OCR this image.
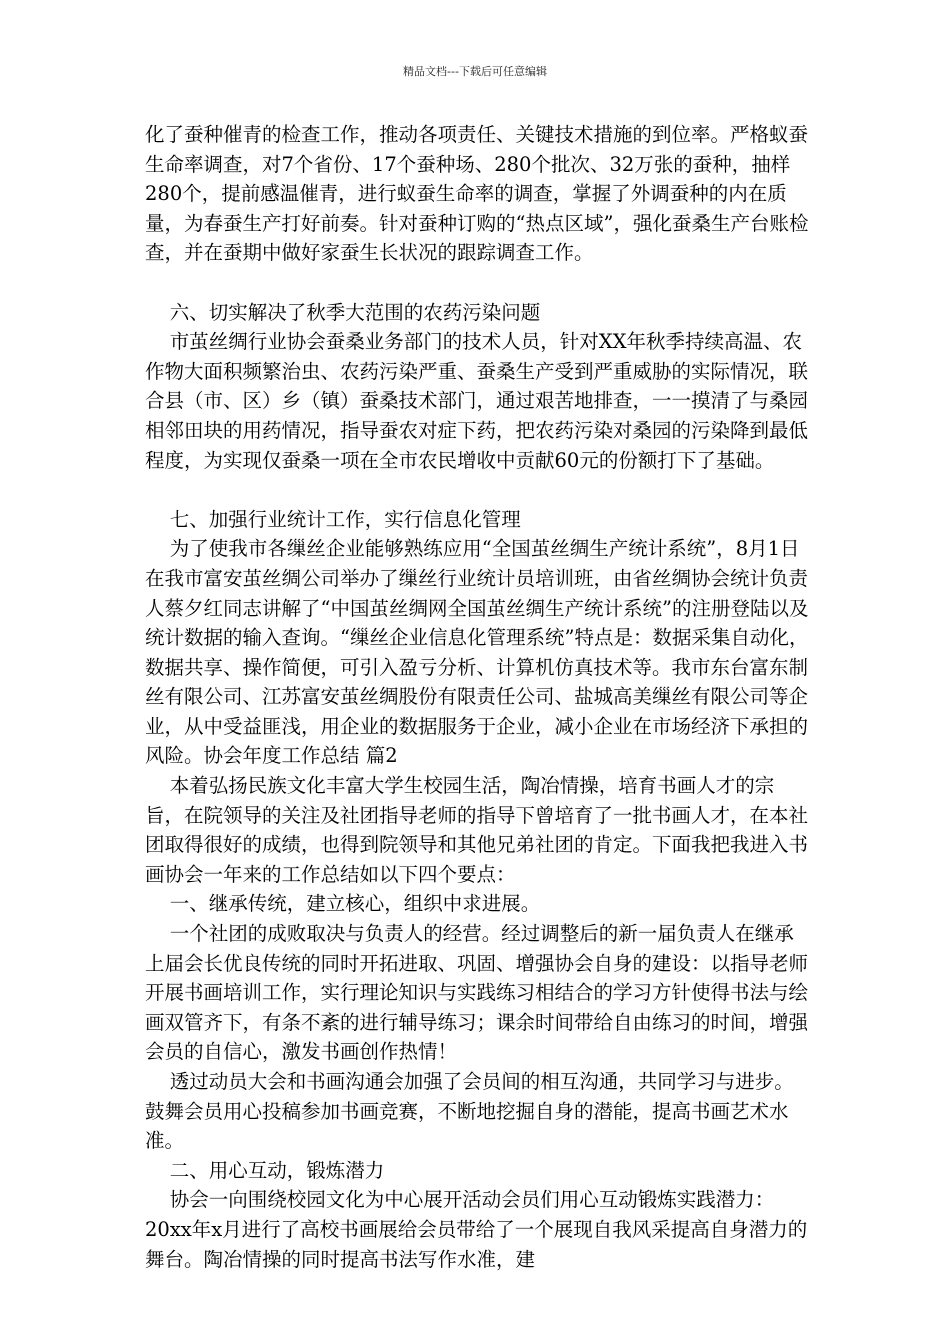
精品文档---下载后可任意编辑

化了蚕种催青的检查工作，推动各项责任、关键技术措施的到位率。严格蚁蚕生命率调查，对7个省份、17个蚕种场、280个批次、32万张的蚕种，抽样280个，提前感温催青，进行蚁蚕生命率的调查，掌握了外调蚕种的内在质量，为春蚕生产打好前奏。针对蚕种订购的“热点区域”，强化蚕桑生产台账检查，并在蚕期中做好家蚕生长状况的跟踪调查工作。

六、切实解决了秋季大范围的农药污染问题

市茧丝绸行业协会蚕桑业务部门的技术人员，针对XX年秋季持续高温、农作物大面积频繁治虫、农药污染严重、蚕桑生产受到严重威胁的实际情况，联合县（市、区）乡（镇）蚕桑技术部门，通过艰苦地排查，一一摸清了与桑园相邻田块的用药情况，指导蚕农对症下药，把农药污染对桑园的污染降到最低程度，为实现仅蚕桑一项在全市农民增收中贡献60元的份额打下了基础。

七、加强行业统计工作，实行信息化管理

为了使我市各缫丝企业能够熟练应用“全国茧丝绸生产统计系统”，8月1日在我市富安茧丝绸公司举办了缫丝行业统计员培训班，由省丝绸协会统计负责人蔡夕红同志讲解了“中国茧丝绸网全国茧丝绸生产统计系统”的注册登陆以及统计数据的输入查询。“缫丝企业信息化管理系统”特点是：数据采集自动化，数据共享、操作简便，可引入盈亏分析、计算机仿真技术等。我市东台富东制丝有限公司、江苏富安茧丝绸股份有限责任公司、盐城高美缫丝有限公司等企业，从中受益匪浅，用企业的数据服务于企业，减小企业在市场经济下承担的风险。协会年度工作总结 篇2

本着弘扬民族文化丰富大学生校园生活，陶冶情操，培育书画人才的宗旨，在院领导的关注及社团指导老师的指导下曾培育了一批书画人才，在本社团取得很好的成绩，也得到院领导和其他兄弟社团的肯定。下面我把我进入书画协会一年来的工作总结如以下四个要点：

一、继承传统，建立核心，组织中求进展。

一个社团的成败取决与负责人的经营。经过调整后的新一届负责人在继承上届会长优良传统的同时开拓进取、巩固、增强协会自身的建设：以指导老师开展书画培训工作，实行理论知识与实践练习相结合的学习方针使得书法与绘画双管齐下，有条不紊的进行辅导练习；课余时间带给自由练习的时间，增强会员的自信心，激发书画创作热情！

透过动员大会和书画沟通会加强了会员间的相互沟通，共同学习与进步。鼓舞会员用心投稿参加书画竞赛，不断地挖掘自身的潜能，提高书画艺术水准。

二、用心互动，锻炼潜力

协会一向围绕校园文化为中心展开活动会员们用心互动锻炼实践潜力：20xx年x月进行了高校书画展给会员带给了一个展现自我风采提高自身潜力的舞台。陶冶情操的同时提高书法写作水准，建
